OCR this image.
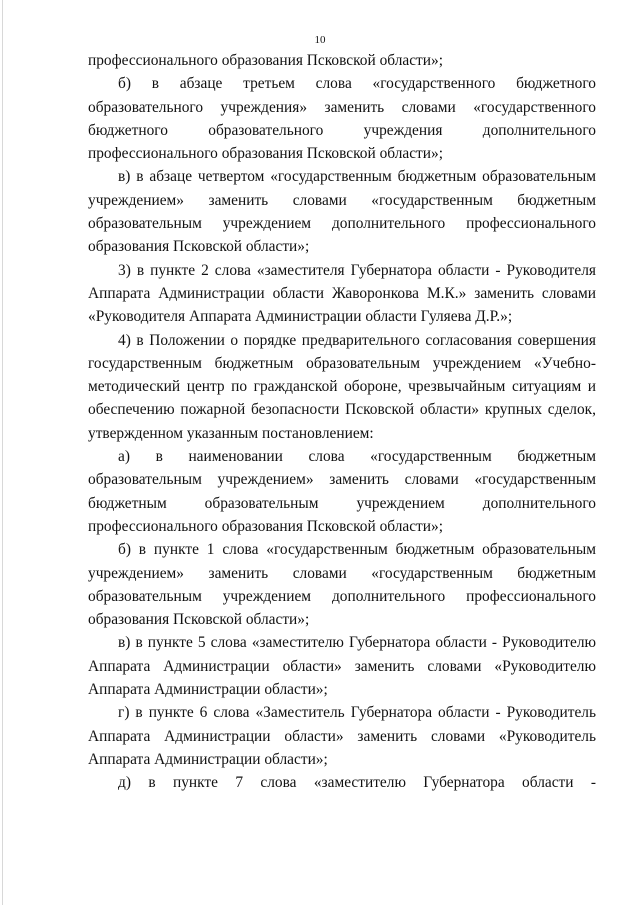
10

профессионального образования Псковской области»;

б) в абзаце третьем слова «государственного бюджетного образовательного учреждения» заменить словами «государственного бюджетного образовательного учреждения дополнительного профессионального образования Псковской области»;

в) в абзаце четвертом «государственным бюджетным образовательным учреждением» заменить словами «государственным бюджетным образовательным учреждением дополнительного профессионального образования Псковской области»;

3) в пункте 2 слова «заместителя Губернатора области - Руководителя Аппарата Администрации области Жаворонкова М.К.» заменить словами «Руководителя Аппарата Администрации области Гуляева Д.Р.»;

4) в Положении о порядке предварительного согласования совершения государственным бюджетным образовательным учреждением «Учебно-методический центр по гражданской обороне, чрезвычайным ситуациям и обеспечению пожарной безопасности Псковской области» крупных сделок, утвержденном указанным постановлением:

а) в наименовании слова «государственным бюджетным образовательным учреждением» заменить словами «государственным бюджетным образовательным учреждением дополнительного профессионального образования Псковской области»;

б) в пункте 1 слова «государственным бюджетным образовательным учреждением» заменить словами «государственным бюджетным образовательным учреждением дополнительного профессионального образования Псковской области»;

в) в пункте 5 слова «заместителю Губернатора области - Руководителю Аппарата Администрации области» заменить словами «Руководителю Аппарата Администрации области»;

г) в пункте 6 слова «Заместитель Губернатора области - Руководитель Аппарата Администрации области» заменить словами «Руководитель Аппарата Администрации области»;

д) в пункте 7 слова «заместителю Губернатора области -
